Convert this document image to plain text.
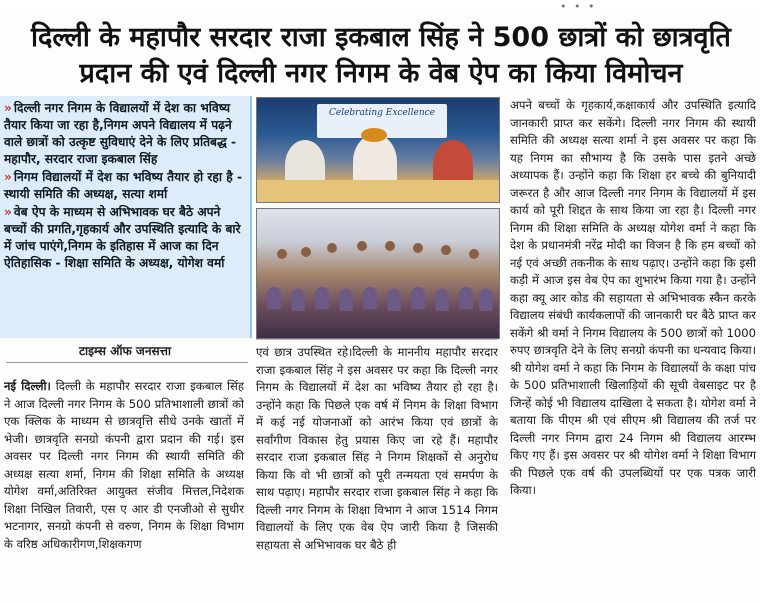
• • •
दिल्ली के महापौर सरदार राजा इकबाल सिंह ने 500 छात्रों को छात्रवृति
प्रदान की एवं दिल्ली नगर निगम के वेब ऐप का किया विमोचन
» दिल्ली नगर निगम के विद्यालयों में देश का भविष्य तैयार किया जा रहा है,निगम अपने विद्यालय में पढ़ने वाले छात्रों को उत्कृष्ट सुविधाएं देने के लिए प्रतिबद्ध - महापौर, सरदार राजा इकबाल सिंह
» निगम विद्यालयों में देश का भविष्य तैयार हो रहा है - स्थायी समिति की अध्यक्ष, सत्या शर्मा
» वेब ऐप के माध्यम से अभिभावक घर बैठे अपने बच्चों की प्रगति,गृहकार्य और उपस्थिति इत्यादि के बारे में जांच पाएंगे,निगम के इतिहास में आज का दिन ऐतिहासिक - शिक्षा समिति के अध्यक्ष, योगेश वर्मा
टाइम्स ऑफ जनसत्ता
नई दिल्ली। दिल्ली के महापौर सरदार राजा इकबाल सिंह ने आज दिल्ली नगर निगम के 500 प्रतिभाशाली छात्रों को एक क्लिक के माध्यम से छात्रवृत्ति सीधे उनके खातों में भेजी। छात्रवृति सनग्रो कंपनी द्वारा प्रदान की गई। इस अवसर पर दिल्ली नगर निगम की स्थायी समिति की अध्यक्ष सत्या शर्मा, निगम की शिक्षा समिति के अध्यक्ष योगेश वर्मा,अतिरिक्त आयुक्त संजीव मित्तल,निदेशक शिक्षा निखिल तिवारी, एस ए आर डी एनजीओ से सुधीर भटनागर, सनग्रो कंपनी से वरुण, निगम के शिक्षा विभाग के वरिष्ठ अधिकारीगण,शिक्षकगण
Celebrating Excellence
एवं छात्र उपस्थित रहे।दिल्ली के माननीय महापौर सरदार राजा इकबाल सिंह ने इस अवसर पर कहा कि दिल्ली नगर निगम के विद्यालयों में देश का भविष्य तैयार हो रहा है। उन्होंने कहा कि पिछले एक वर्ष में निगम के शिक्षा विभाग में कई नई योजनाओं को आरंभ किया एवं छात्रों के सर्वांगीण विकास हेतु प्रयास किए जा रहे हैं। महापौर सरदार राजा इकबाल सिंह ने निगम शिक्षकों से अनुरोध किया कि वो भी छात्रों को पूरी तन्मयता एवं समर्पण के साथ पढ़ाए। महापौर सरदार राजा इकबाल सिंह ने कहा कि दिल्ली नगर निगम के शिक्षा विभाग ने आज 1514 निगम विद्यालयों के लिए एक वेब ऐप जारी किया है जिसकी सहायता से अभिभावक घर बैठे ही
अपने बच्चों के गृहकार्य,कक्षाकार्य और उपस्थिति इत्यादि जानकारी प्राप्त कर सकेंगे। दिल्ली नगर निगम की स्थायी समिति की अध्यक्ष सत्या शर्मा ने इस अवसर पर कहा कि यह निगम का सौभाग्य है कि उसके पास इतने अच्छे अध्यापक हैं। उन्होंने कहा कि शिक्षा हर बच्चे की बुनियादी जरूरत है और आज दिल्ली नगर निगम के विद्यालयों में इस कार्य को पूरी शिद्दत के साथ किया जा रहा है। दिल्ली नगर निगम की शिक्षा समिति के अध्यक्ष योगेश वर्मा ने कहा कि देश के प्रधानमंत्री नरेंद्र मोदी का विजन है कि हम बच्चों को नई एवं अच्छी तकनीक के साथ पढ़ाए। उन्होंने कहा कि इसी कड़ी में आज इस वेब ऐप का शुभारंभ किया गया है। उन्होंने कहा क्यू आर कोड की सहायता से अभिभावक स्कैन करके विद्यालय संबंधी कार्यकलापों की जानकारी घर बैठे प्राप्त कर सकेंगे श्री वर्मा ने निगम विद्यालय के 500 छात्रों को 1000 रुपए छात्रवृति देने के लिए सनग्रो कंपनी का धन्यवाद किया। श्री योगेश वर्मा ने कहा कि निगम के विद्यालयों के कक्षा पांच के 500 प्रतिभाशाली खिलाड़ियों की सूची वेबसाइट पर है जिन्हें कोई भी विद्यालय दाखिला दे सकता है। योगेश वर्मा ने बताया कि पीएम श्री एवं सीएम श्री विद्यालय की तर्ज पर दिल्ली नगर निगम द्वारा 24 निगम श्री विद्यालय आरम्भ किए गए हैं। इस अवसर पर श्री योगेश वर्मा ने शिक्षा विभाग की पिछले एक वर्ष की उपलब्धियों पर एक पत्रक जारी किया।
